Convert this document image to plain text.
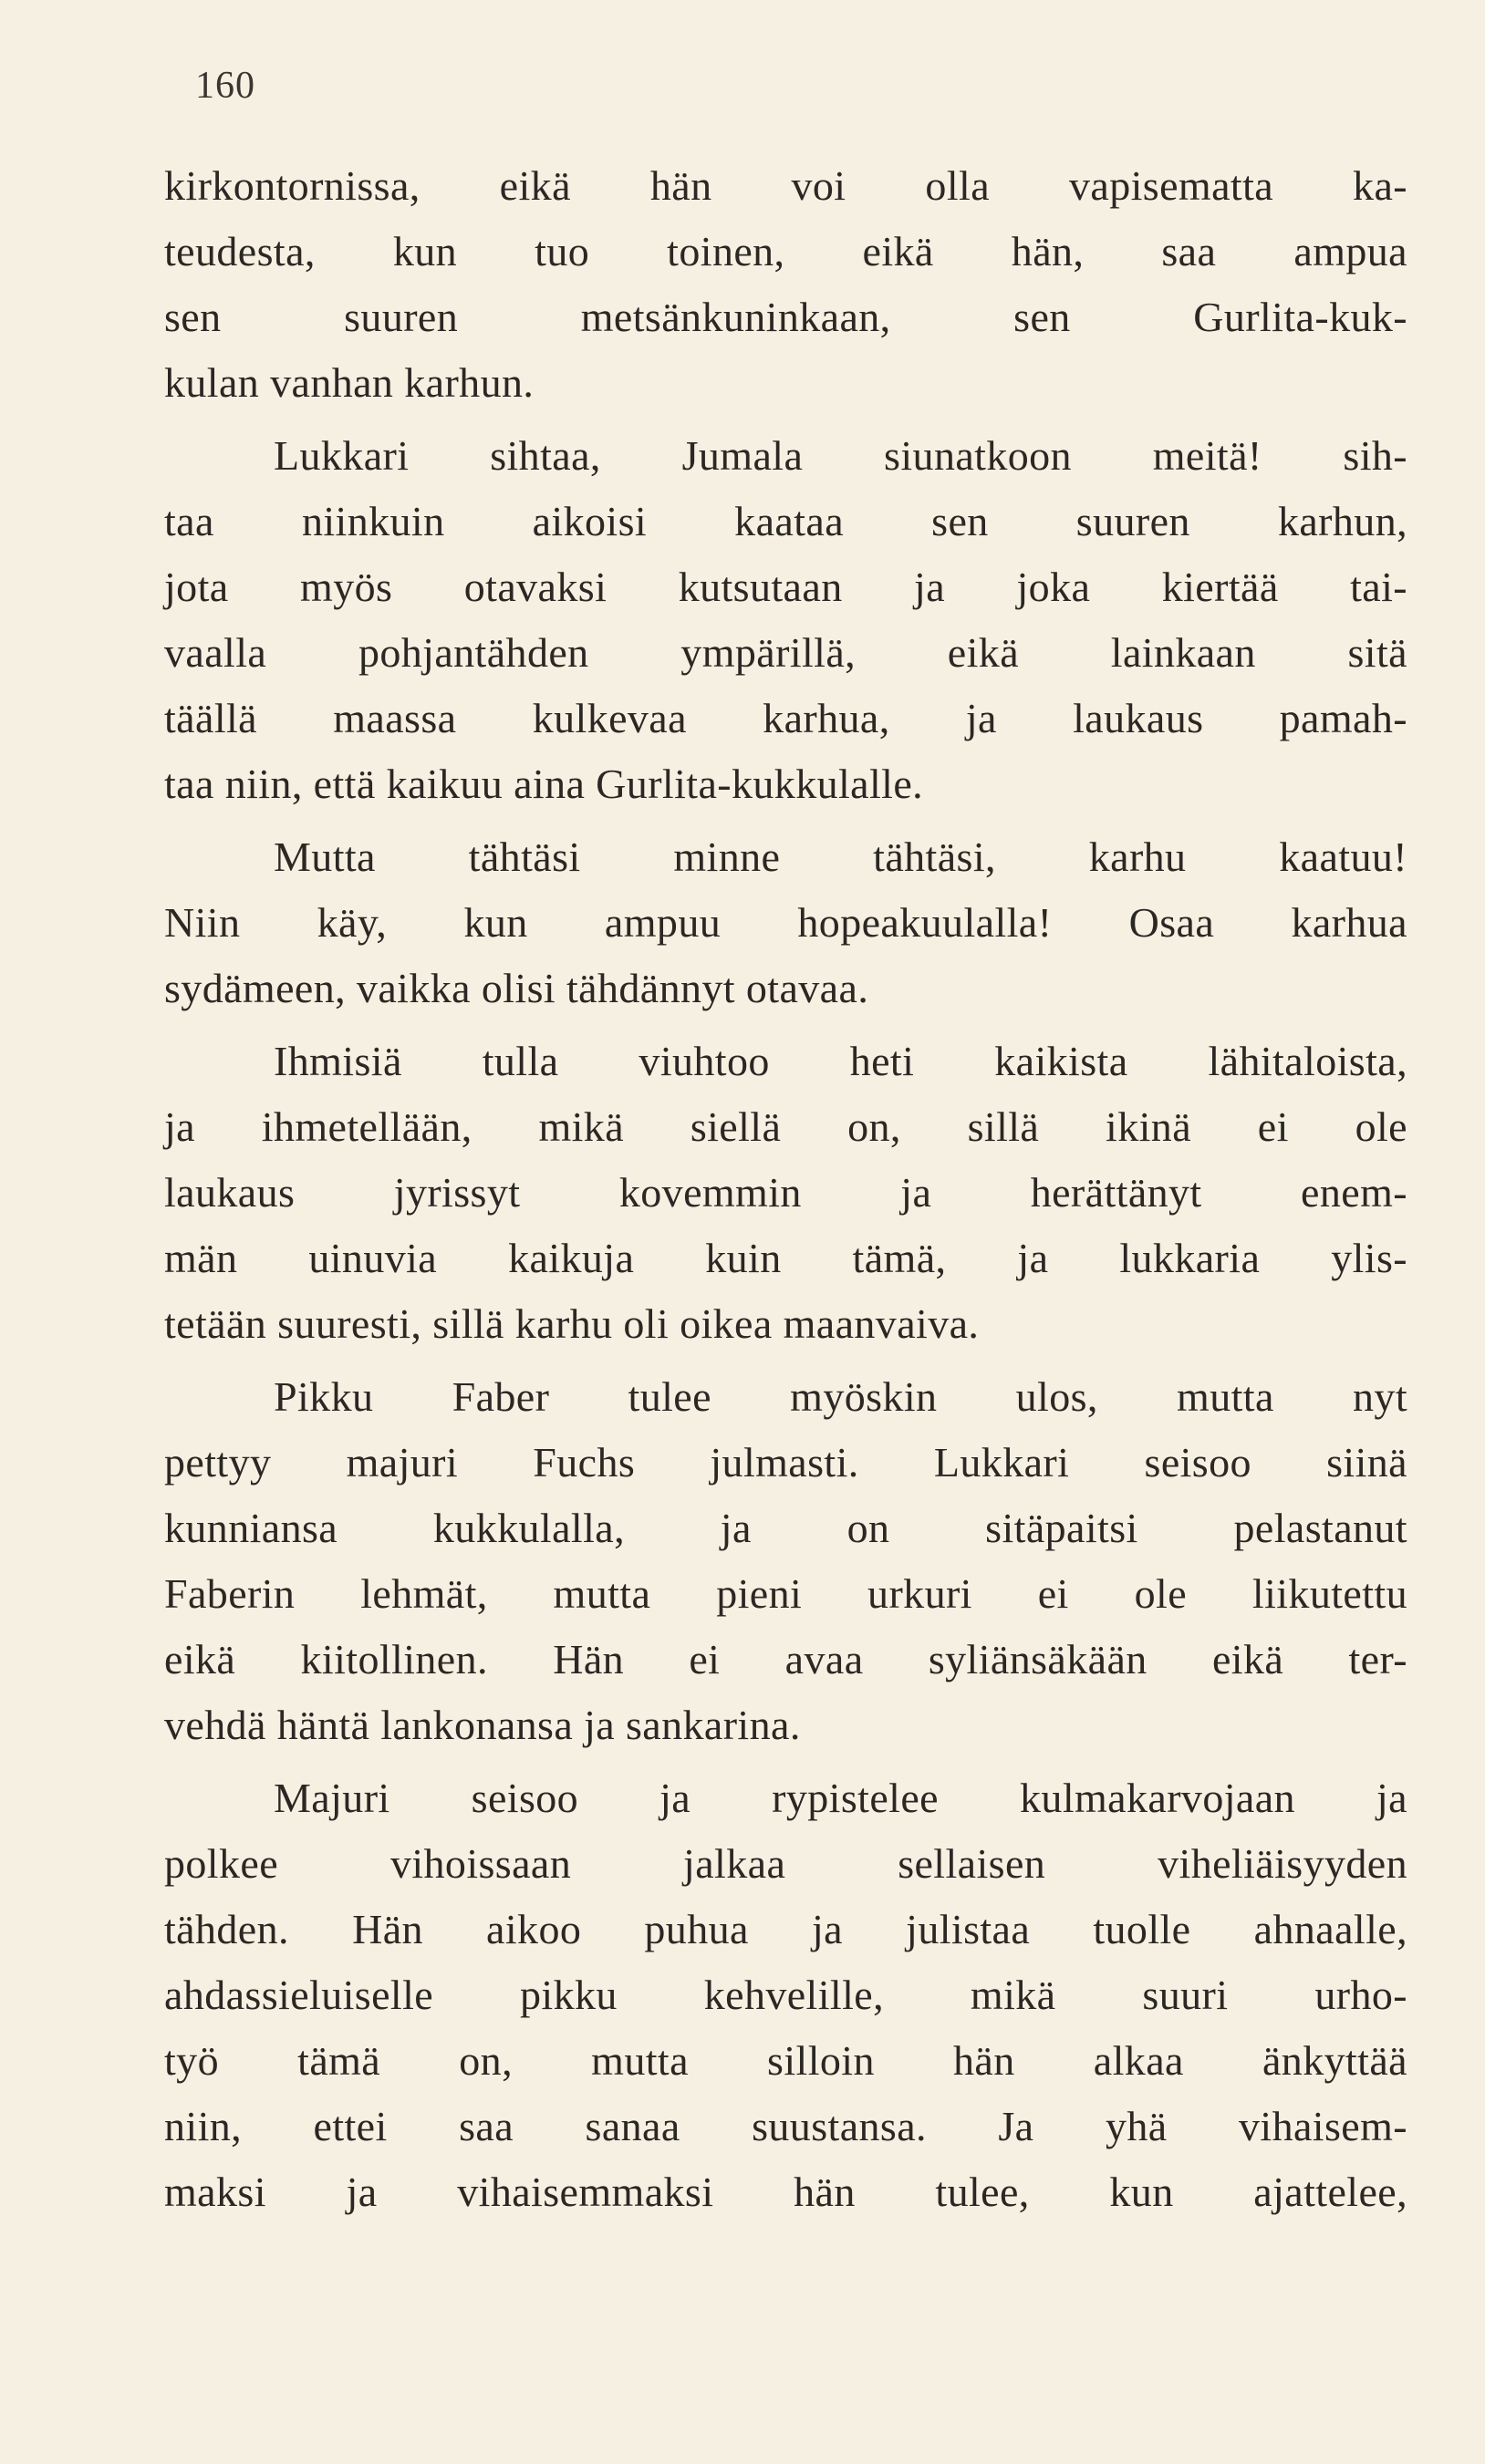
160
kirkontornissa, eikä hän voi olla vapisematta ka-
teudesta, kun tuo toinen, eikä hän, saa ampua
sen suuren metsänkuninkaan, sen Gurlita-kuk-
kulan vanhan karhun.
Lukkari sihtaa, Jumala siunatkoon meitä! sih-
taa niinkuin aikoisi kaataa sen suuren karhun,
jota myös otavaksi kutsutaan ja joka kiertää tai-
vaalla pohjantähden ympärillä, eikä lainkaan sitä
täällä maassa kulkevaa karhua, ja laukaus pamah-
taa niin, että kaikuu aina Gurlita-kukkulalle.
Mutta tähtäsi minne tähtäsi, karhu kaatuu!
Niin käy, kun ampuu hopeakuulalla! Osaa karhua
sydämeen, vaikka olisi tähdännyt otavaa.
Ihmisiä tulla viuhtoo heti kaikista lähitaloista,
ja ihmetellään, mikä siellä on, sillä ikinä ei ole
laukaus jyrissyt kovemmin ja herättänyt enem-
män uinuvia kaikuja kuin tämä, ja lukkaria ylis-
tetään suuresti, sillä karhu oli oikea maanvaiva.
Pikku Faber tulee myöskin ulos, mutta nyt
pettyy majuri Fuchs julmasti. Lukkari seisoo siinä
kunniansa kukkulalla, ja on sitäpaitsi pelastanut
Faberin lehmät, mutta pieni urkuri ei ole liikutettu
eikä kiitollinen. Hän ei avaa syliänsäkään eikä ter-
vehdä häntä lankonansa ja sankarina.
Majuri seisoo ja rypistelee kulmakarvojaan ja
polkee vihoissaan jalkaa sellaisen viheliäisyyden
tähden. Hän aikoo puhua ja julistaa tuolle ahnaalle,
ahdassieluiselle pikku kehvelille, mikä suuri urho-
työ tämä on, mutta silloin hän alkaa änkyttää
niin, ettei saa sanaa suustansa. Ja yhä vihaisem-
maksi ja vihaisemmaksi hän tulee, kun ajattelee,
